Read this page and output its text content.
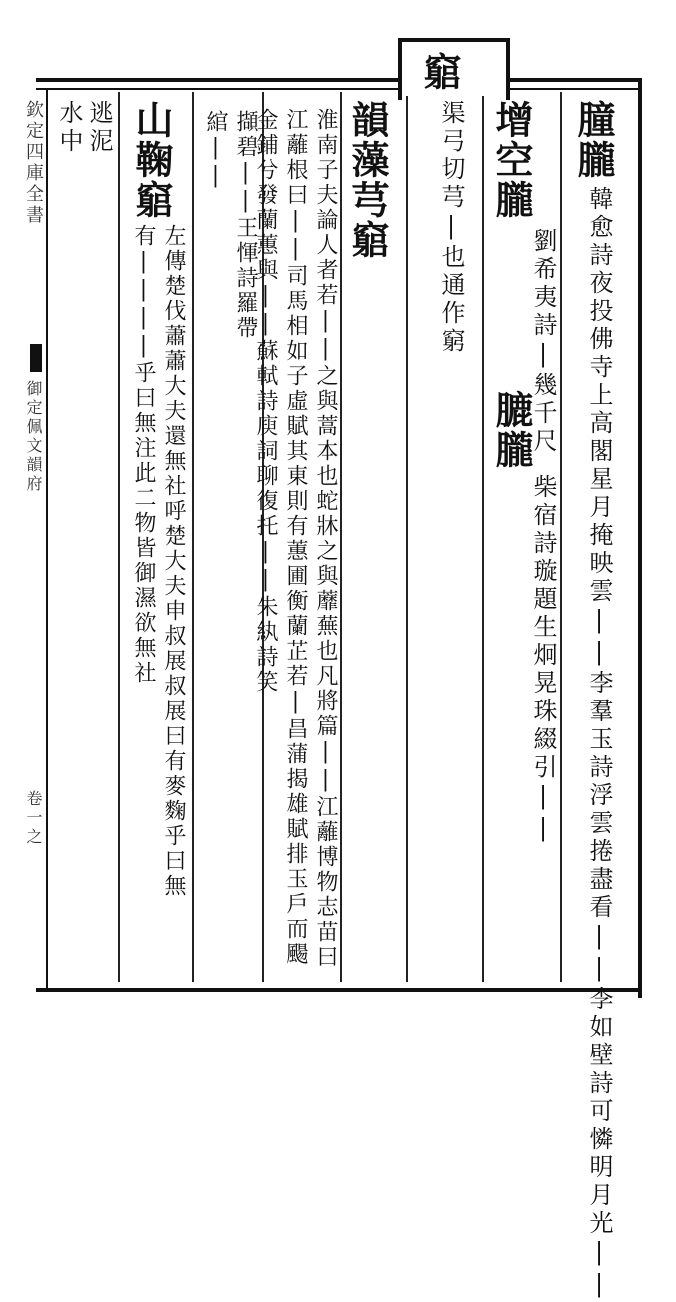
朣朧
韓愈詩夜投佛寺上高閣星月掩映雲||李羣玉詩浮雲捲盡看||李如壁詩可憐明月光||
增空朧
劉希夷詩|幾千尺
膔朧
柴宿詩璇題生炯晃珠綴引||
竆
渠弓切芎|也通作窮
韻藻芎竆
淮南子夫論人者若||之與蒿本也蛇牀之與蘼蕪也凡將篇||江蘺博物志苗曰江蘺根曰||司馬相如子虛賦其東則有蕙圃衡蘭芷若|昌蒲揭雄賦排玉戶而颺金鋪兮發蘭蕙與||蘇軾詩庾詞聊復托||朱紈詩笑
擷碧||王惲詩羅帶綰||
山鞠竆
左傳楚伐蕭蕭大夫還無社呼楚大夫申叔展叔展曰有麥麴乎曰無有||||乎曰無注此二物皆御濕欲無社
逃泥水中
欽定四庫全書
御定佩文韻府
卷一之
